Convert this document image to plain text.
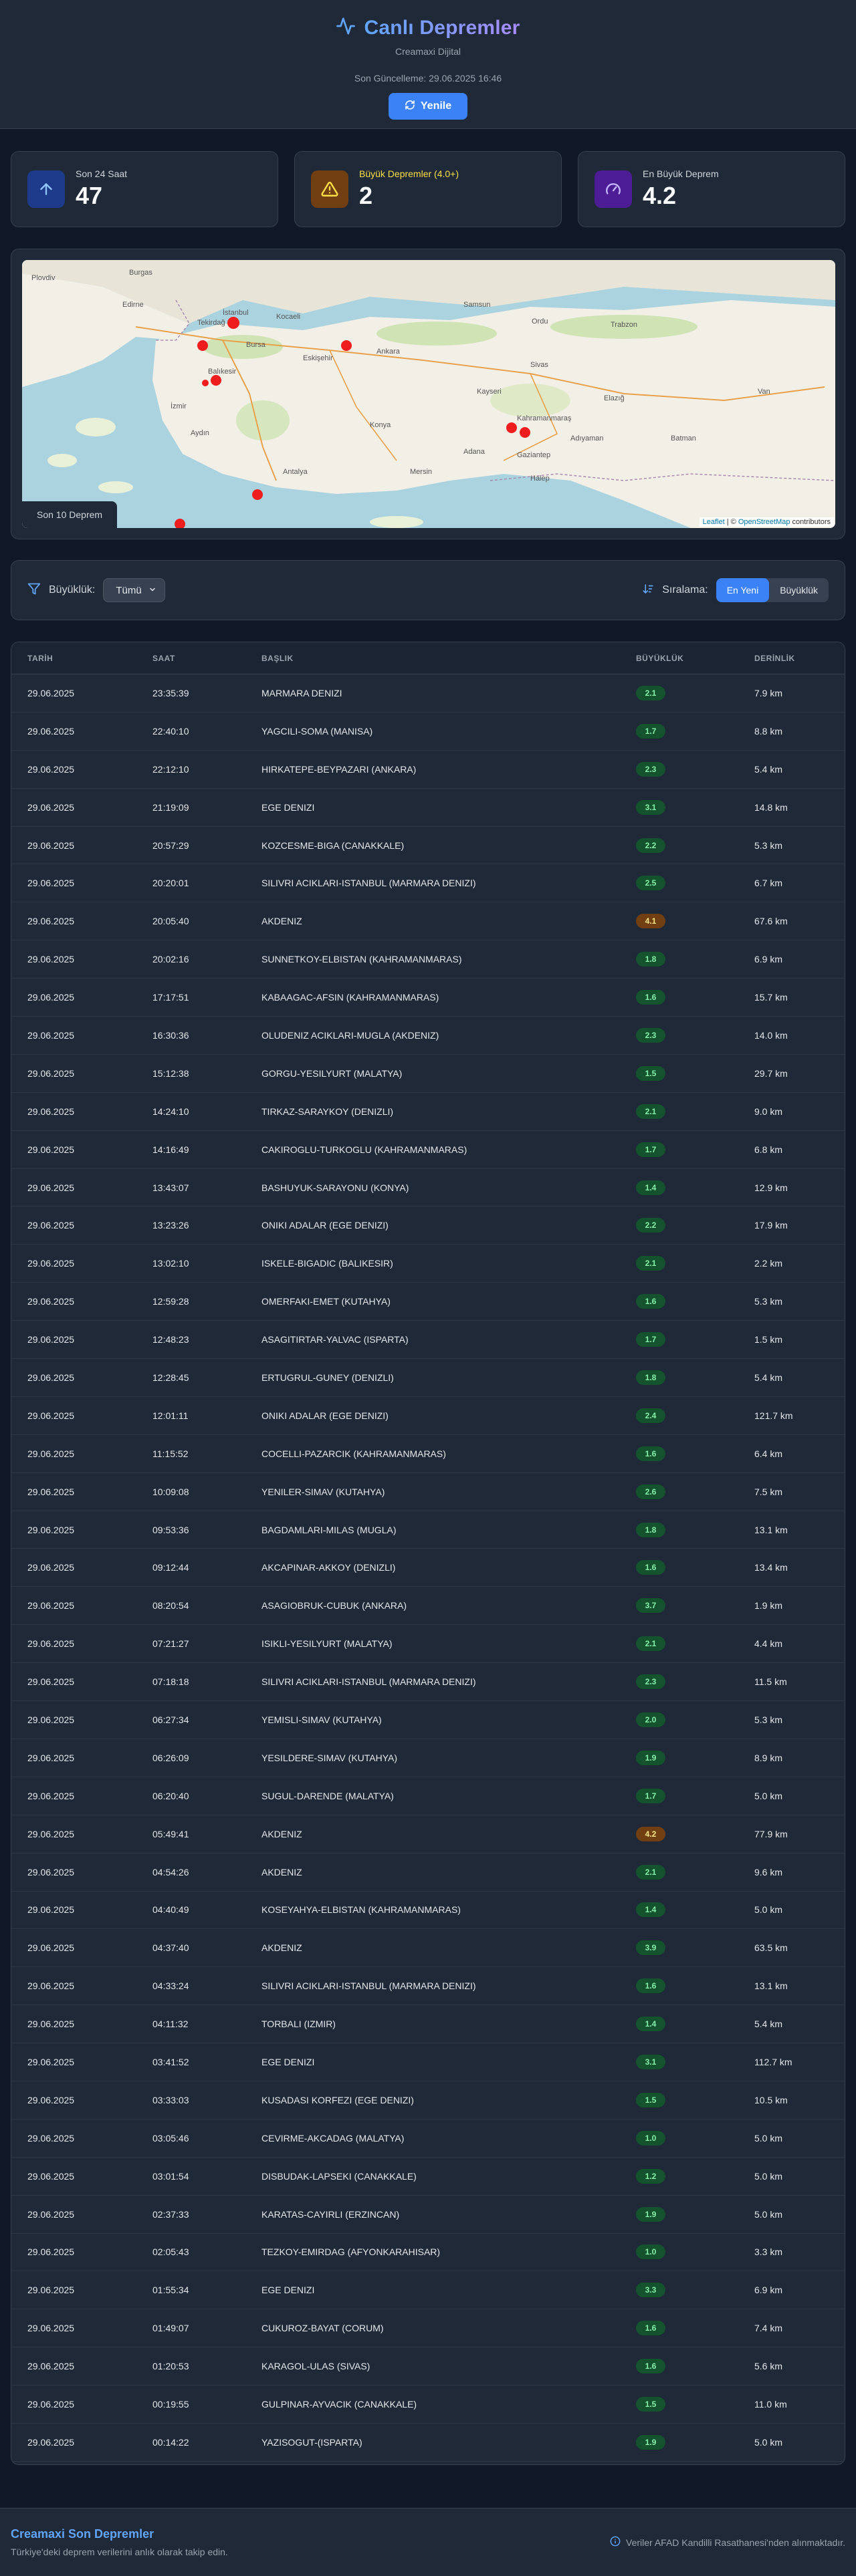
Canlı Depremler
Creamaxi Dijital
Son Güncelleme: 29.06.2025 16:46
Yenile
Son 24 Saat
47
Büyük Depremler (4.0+)
2
En Büyük Deprem
4.2
Plovdiv
Burgas
Edirne
Tekirdağ
İstanbul	Kocaeli
Bursa
Balıkesir
Ankara
Eskişehir
Samsun
Ordu	Trabzon
İzmir
Aydın
Konya
Kayseri
Sivas
Elazığ
Adana
Kahramanmaraş
Adıyaman	Batman
Gaziantep
Antalya	Mersin
Halep
Van
Son 10 Deprem
Leaflet | © OpenStreetMap contributors
Büyüklük: Tümü	Sıralama:	En Yeni	Büyüklük
TARİH	SAAT	BAŞLIK	BÜYÜKLÜK	DERİNLİK
29.06.2025	23:35:39	MARMARA DENIZI	2.1	7.9 km
29.06.2025	22:40:10	YAGCILI-SOMA (MANISA)	1.7	8.8 km
29.06.2025	22:12:10	HIRKATEPE-BEYPAZARI (ANKARA)	2.3	5.4 km
29.06.2025	21:19:09	EGE DENIZI	3.1	14.8 km
29.06.2025	20:57:29	KOZCESME-BIGA (CANAKKALE)	2.2	5.3 km
29.06.2025	20:20:01	SILIVRI ACIKLARI-ISTANBUL (MARMARA DENIZI)	2.5	6.7 km
29.06.2025	20:05:40	AKDENIZ	4.1	67.6 km
29.06.2025	20:02:16	SUNNETKOY-ELBISTAN (KAHRAMANMARAS)	1.8	6.9 km
29.06.2025	17:17:51	KABAAGAC-AFSIN (KAHRAMANMARAS)	1.6	15.7 km
29.06.2025	16:30:36	OLUDENIZ ACIKLARI-MUGLA (AKDENIZ)	2.3	14.0 km
29.06.2025	15:12:38	GORGU-YESILYURT (MALATYA)	1.5	29.7 km
29.06.2025	14:24:10	TIRKAZ-SARAYKOY (DENIZLI)	2.1	9.0 km
29.06.2025	14:16:49	CAKIROGLU-TURKOGLU (KAHRAMANMARAS)	1.7	6.8 km
29.06.2025	13:43:07	BASHUYUK-SARAYONU (KONYA)	1.4	12.9 km
29.06.2025	13:23:26	ONIKI ADALAR (EGE DENIZI)	2.2	17.9 km
29.06.2025	13:02:10	ISKELE-BIGADIC (BALIKESIR)	2.1	2.2 km
29.06.2025	12:59:28	OMERFAKI-EMET (KUTAHYA)	1.6	5.3 km
29.06.2025	12:48:23	ASAGITIRTAR-YALVAC (ISPARTA)	1.7	1.5 km
29.06.2025	12:28:45	ERTUGRUL-GUNEY (DENIZLI)	1.8	5.4 km
29.06.2025	12:01:11	ONIKI ADALAR (EGE DENIZI)	2.4	121.7 km
29.06.2025	11:15:52	COCELLI-PAZARCIK (KAHRAMANMARAS)	1.6	6.4 km
29.06.2025	10:09:08	YENILER-SIMAV (KUTAHYA)	2.6	7.5 km
29.06.2025	09:53:36	BAGDAMLARI-MILAS (MUGLA)	1.8	13.1 km
29.06.2025	09:12:44	AKCAPINAR-AKKOY (DENIZLI)	1.6	13.4 km
29.06.2025	08:20:54	ASAGIOBRUK-CUBUK (ANKARA)	3.7	1.9 km
29.06.2025	07:21:27	ISIKLI-YESILYURT (MALATYA)	2.1	4.4 km
29.06.2025	07:18:18	SILIVRI ACIKLARI-ISTANBUL (MARMARA DENIZI)	2.3	11.5 km
29.06.2025	06:27:34	YEMISLI-SIMAV (KUTAHYA)	2.0	5.3 km
29.06.2025	06:26:09	YESILDERE-SIMAV (KUTAHYA)	1.9	8.9 km
29.06.2025	06:20:40	SUGUL-DARENDE (MALATYA)	1.7	5.0 km
29.06.2025	05:49:41	AKDENIZ	4.2	77.9 km
29.06.2025	04:54:26	AKDENIZ	2.1	9.6 km
29.06.2025	04:40:49	KOSEYAHYA-ELBISTAN (KAHRAMANMARAS)	1.4	5.0 km
29.06.2025	04:37:40	AKDENIZ	3.9	63.5 km
29.06.2025	04:33:24	SILIVRI ACIKLARI-ISTANBUL (MARMARA DENIZI)	1.6	13.1 km
29.06.2025	04:11:32	TORBALI (IZMIR)	1.4	5.4 km
29.06.2025	03:41:52	EGE DENIZI	3.1	112.7 km
29.06.2025	03:33:03	KUSADASI KORFEZI (EGE DENIZI)	1.5	10.5 km
29.06.2025	03:05:46	CEVIRME-AKCADAG (MALATYA)	1.0	5.0 km
29.06.2025	03:01:54	DISBUDAK-LAPSEKI (CANAKKALE)	1.2	5.0 km
29.06.2025	02:37:33	KARATAS-CAYIRLI (ERZINCAN)	1.9	5.0 km
29.06.2025	02:05:43	TEZKOY-EMIRDAG (AFYONKARAHISAR)	1.0	3.3 km
29.06.2025	01:55:34	EGE DENIZI	3.3	6.9 km
29.06.2025	01:49:07	CUKUROZ-BAYAT (CORUM)	1.6	7.4 km
29.06.2025	01:20:53	KARAGOL-ULAS (SIVAS)	1.6	5.6 km
29.06.2025	00:19:55	GULPINAR-AYVACIK (CANAKKALE)	1.5	11.0 km
29.06.2025	00:14:22	YAZISOGUT-(ISPARTA)	1.9	5.0 km
Creamaxi Son Depremler
Türkiye'deki deprem verilerini anlık olarak takip edin.
Veriler AFAD Kandilli Rasathanesi'nden alınmaktadır.
